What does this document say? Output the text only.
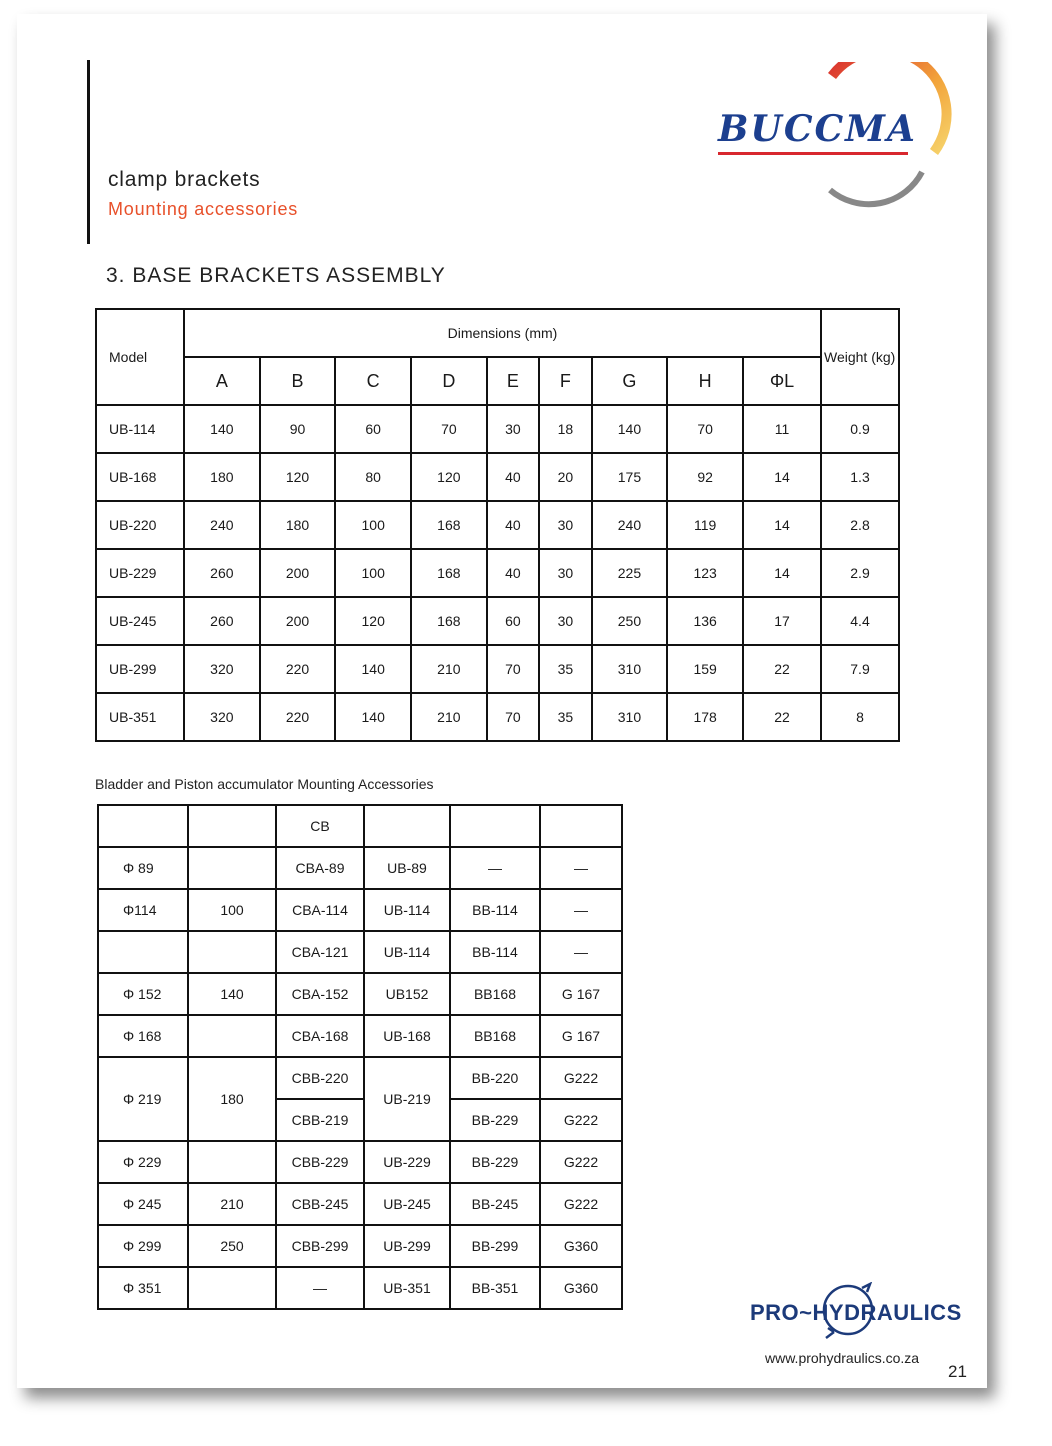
clamp brackets
Mounting accessories
BUCCMA
3. BASE BRACKETS ASSEMBLY
Model	Dimensions (mm)									Weight (kg)
	A	B	C	D	E	F	G	H	ΦL	
UB-114	140	90	60	70	30	18	140	70	11	0.9
UB-168	180	120	80	120	40	20	175	92	14	1.3
UB-220	240	180	100	168	40	30	240	119	14	2.8
UB-229	260	200	100	168	40	30	225	123	14	2.9
UB-245	260	200	120	168	60	30	250	136	17	4.4
UB-299	320	220	140	210	70	35	310	159	22	7.9
UB-351	320	220	140	210	70	35	310	178	22	8
Bladder and Piston accumulator Mounting Accessories
		CB			
Φ 89		CBA-89	UB-89	—	—
Φ114	100	CBA-114	UB-114	BB-114	—
		CBA-121	UB-114	BB-114	—
Φ 152	140	CBA-152	UB152	BB168	G 167
Φ 168		CBA-168	UB-168	BB168	G 167
Φ 219	180	CBB-220	UB-219	BB-220	G222
		CBB-219		BB-229	G222
Φ 229		CBB-229	UB-229	BB-229	G222
Φ 245	210	CBB-245	UB-245	BB-245	G222
Φ 299	250	CBB-299	UB-299	BB-299	G360
Φ 351		—	UB-351	BB-351	G360
PRO~HYDRAULICS
www.prohydraulics.co.za
21
